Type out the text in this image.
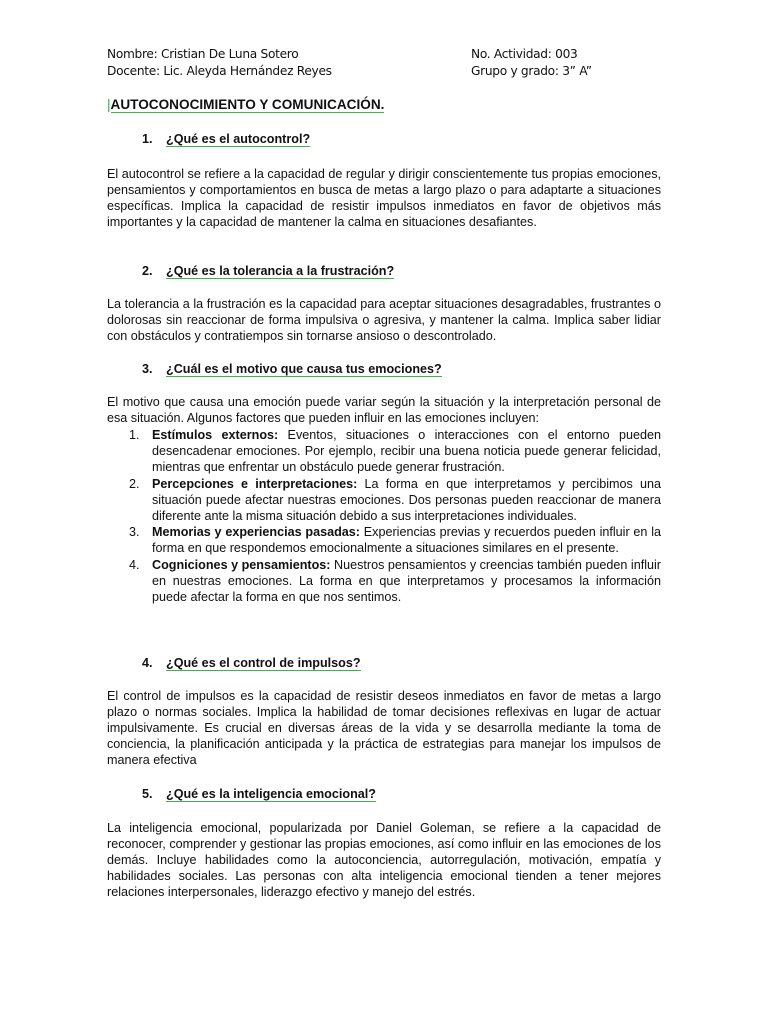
Nombre: Cristian De Luna Sotero
Docente: Lic. Aleyda Hernández Reyes
No. Actividad: 003
Grupo y grado: 3” A”
|AUTOCONOCIMIENTO Y COMUNICACIÓN.
1. ¿Qué es el autocontrol?
El autocontrol se refiere a la capacidad de regular y dirigir conscientemente tus propias emociones, pensamientos y comportamientos en busca de metas a largo plazo o para adaptarte a situaciones específicas. Implica la capacidad de resistir impulsos inmediatos en favor de objetivos más importantes y la capacidad de mantener la calma en situaciones desafiantes.
2. ¿Qué es la tolerancia a la frustración?
La tolerancia a la frustración es la capacidad para aceptar situaciones desagradables, frustrantes o dolorosas sin reaccionar de forma impulsiva o agresiva, y mantener la calma. Implica saber lidiar con obstáculos y contratiempos sin tornarse ansioso o descontrolado.
3. ¿Cuál es el motivo que causa tus emociones?
El motivo que causa una emoción puede variar según la situación y la interpretación personal de esa situación. Algunos factores que pueden influir en las emociones incluyen:
1. Estímulos externos: Eventos, situaciones o interacciones con el entorno pueden desencadenar emociones. Por ejemplo, recibir una buena noticia puede generar felicidad, mientras que enfrentar un obstáculo puede generar frustración.
2. Percepciones e interpretaciones: La forma en que interpretamos y percibimos una situación puede afectar nuestras emociones. Dos personas pueden reaccionar de manera diferente ante la misma situación debido a sus interpretaciones individuales.
3. Memorias y experiencias pasadas: Experiencias previas y recuerdos pueden influir en la forma en que respondemos emocionalmente a situaciones similares en el presente.
4. Cogniciones y pensamientos: Nuestros pensamientos y creencias también pueden influir en nuestras emociones. La forma en que interpretamos y procesamos la información puede afectar la forma en que nos sentimos.
4. ¿Qué es el control de impulsos?
El control de impulsos es la capacidad de resistir deseos inmediatos en favor de metas a largo plazo o normas sociales. Implica la habilidad de tomar decisiones reflexivas en lugar de actuar impulsivamente. Es crucial en diversas áreas de la vida y se desarrolla mediante la toma de conciencia, la planificación anticipada y la práctica de estrategias para manejar los impulsos de manera efectiva
5. ¿Qué es la inteligencia emocional?
La inteligencia emocional, popularizada por Daniel Goleman, se refiere a la capacidad de reconocer, comprender y gestionar las propias emociones, así como influir en las emociones de los demás. Incluye habilidades como la autoconciencia, autorregulación, motivación, empatía y habilidades sociales. Las personas con alta inteligencia emocional tienden a tener mejores relaciones interpersonales, liderazgo efectivo y manejo del estrés.
